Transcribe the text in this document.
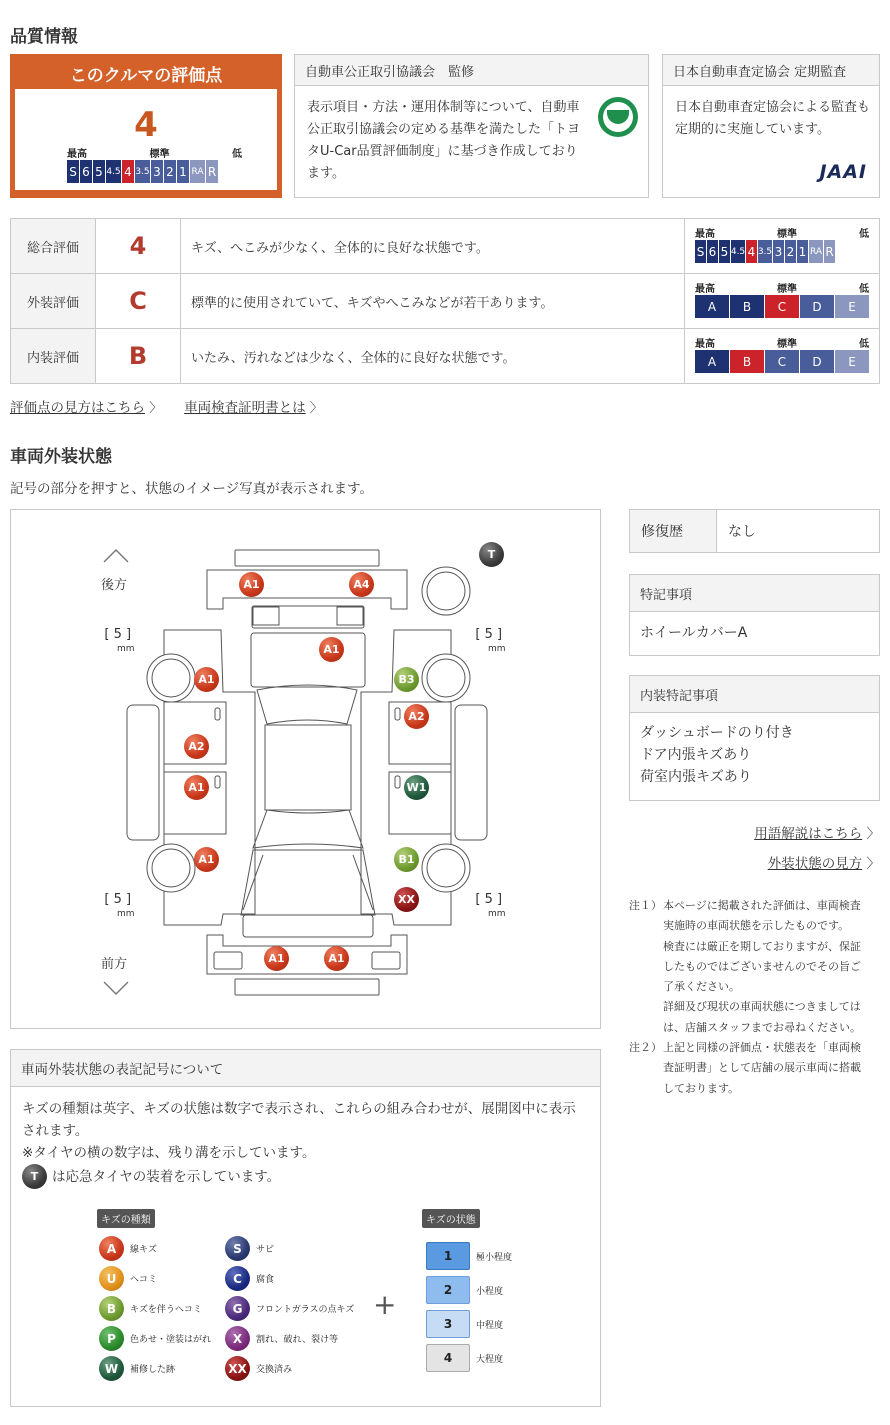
品質情報
このクルマの評価点
4
最高	標準	低
S 6 5 4.5 4 3.5 3 2 1 RA R
自動車公正取引協議会　監修
表示項目・方法・運用体制等について、自動車公正取引協議会の定める基準を満たした「トヨタU-Car品質評価制度」に基づき作成しております。
日本自動車査定協会 定期監査
日本自動車査定協会による監査も定期的に実施しています。
JAAI
総合評価	4	キズ、へこみが少なく、全体的に良好な状態です。
最高	標準	低
S 6 5 4.5 4 3.5 3 2 1 RA R
外装評価	C	標準的に使用されていて、キズやへこみなどが若干あります。
最高	標準	低
A	B	C	D	E
内装評価	B	いたみ、汚れなどは少なく、全体的に良好な状態です。
最高	標準	低
A	B	C	D	E
評価点の見方はこちら 〉 車両検査証明書とは 〉
車両外装状態
記号の部分を押すと、状態のイメージ写真が表示されます。
後方
前方
[ 5 ]
mm
[ 5 ]
mm
[ 5 ]
mm
[ 5 ]
mm
T
A1	A4
A1
A1	B3
A2
A2
A1	W1
A1	B1
XX
A1	A1
修復歴	なし
特記事項
ホイールカバーA
内装特記事項
ダッシュボードのり付き
ドア内張キズあり
荷室内張キズあり
用語解説はこちら 〉
外装状態の見方 〉
注１） 本ページに掲載された評価は、車両検査
実施時の車両状態を示したものです。
検査には厳正を期しておりますが、保証
したものではございませんのでその旨ご
了承ください。
詳細及び現状の車両状態につきましては
は、店舗スタッフまでお尋ねください。
注２） 上記と同様の評価点・状態表を「車両検
査証明書」として店舗の展示車両に搭載
しております。
車両外装状態の表記記号について
キズの種類は英字、キズの状態は数字で表示され、これらの組み合わせが、展開図中に表示されます。
※タイヤの横の数字は、残り溝を示しています。
T	は応急タイヤの装着を示しています。
キズの種類	キズの状態
A	線キズ
U	ヘコミ
B	キズを伴うヘコミ
P	色あせ・塗装はがれ
W	補修した跡
S	サビ
C	腐食
G	フロントガラスの点キズ
X	割れ、破れ、裂け等
XX	交換済み
+
1	極小程度
2	小程度
3	中程度
4	大程度
